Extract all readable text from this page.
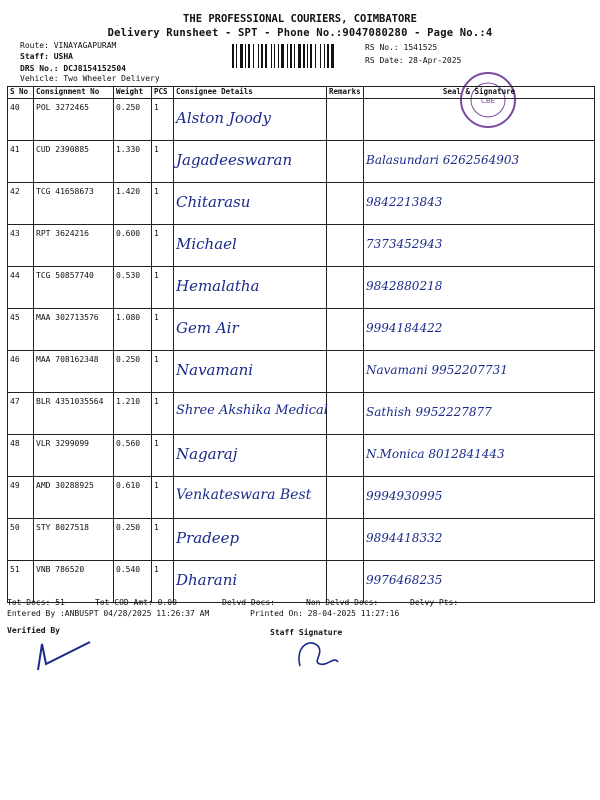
THE PROFESSIONAL COURIERS, COIMBATORE
Delivery Runsheet - SPT - Phone No.:9047080280 - Page No.:4
Route: VINAYAGAPURAM
Staff: USHA
DRS No.: DCJ8154152504
Vehicle: Two Wheeler Delivery
RS No.: 1541525
RS Date: 28-Apr-2025
CBE
S No	Consignment No	Weight	PCS	Consignee Details	Remarks	Seal & Signature
40	POL 3272465	0.250	1	Alston Joody		

41	CUD 2390885	1.330	1	Jagadeeswaran		Balasundari 6262564903

42	TCG 41658673	1.420	1	Chitarasu		9842213843

43	RPT 3624216	0.600	1	Michael		7373452943

44	TCG 50857740	0.530	1	Hemalatha		9842880218

45	MAA 302713576	1.080	1	Gem Air		9994184422

46	MAA 708162348	0.250	1	Navamani		Navamani 9952207731

47	BLR 4351035564	1.210	1	Shree Akshika Medical		Sathish 9952227877

48	VLR 3299099	0.560	1	Nagaraj		N.Monica 8012841443

49	AMD 30288925	0.610	1	Venkateswara Best		9994930995

50	STY 8027518	0.250	1	Pradeep		9894418332

51	VNB 786520	0.540	1	Dharani		9976468235
Tot Docs: 51	Tot COD Amt: 0.00	Delvd Docs:	Non Delvd Docs:	Delvy Pts:
Entered By :ANBUSPT 04/28/2025 11:26:37 AM	Printed On: 28-04-2025 11:27:16
Verified By	Staff Signature
